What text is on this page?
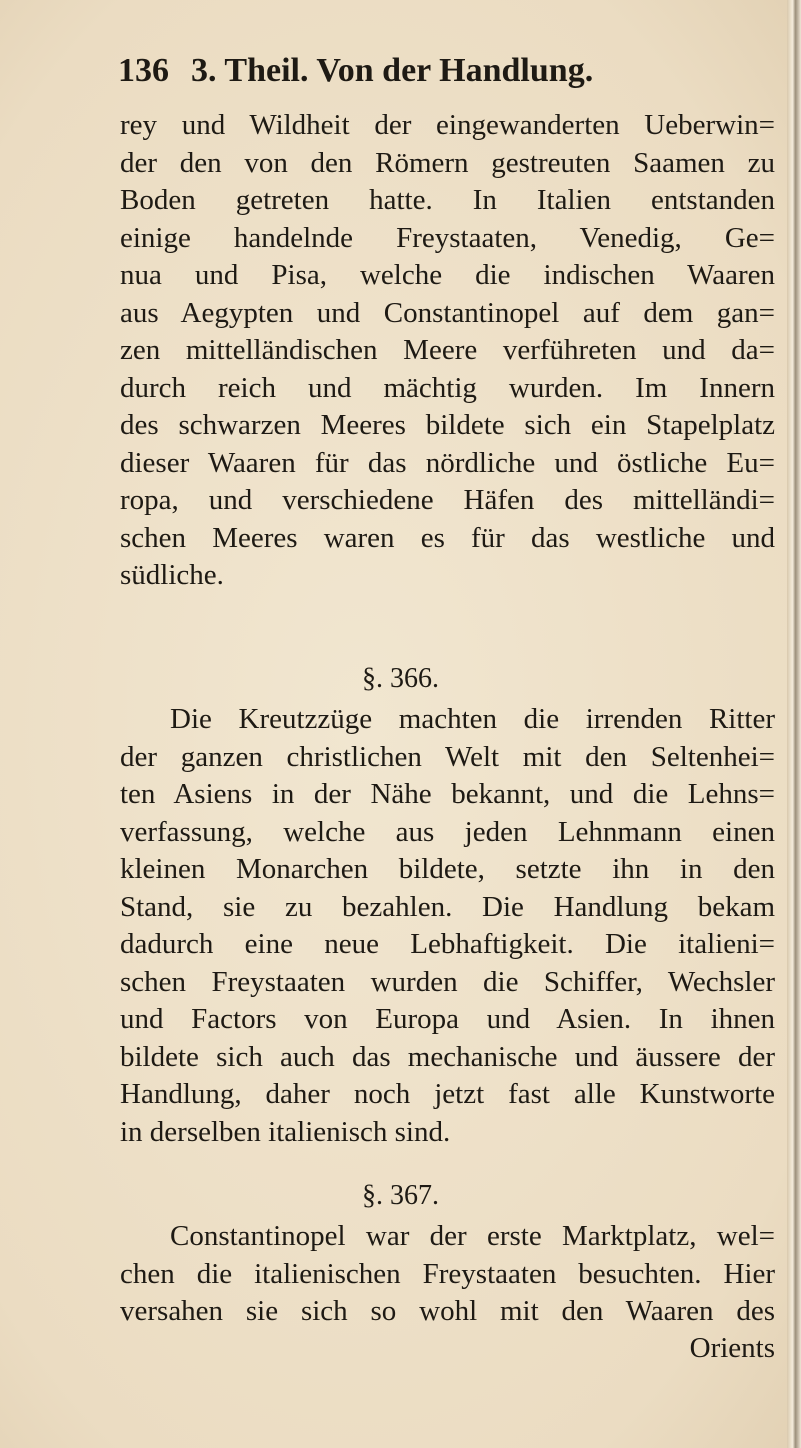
136 3. Theil. Von der Handlung.
rey und Wildheit der eingewanderten Ueberwin=
der den von den Römern gestreuten Saamen zu
Boden getreten hatte. In Italien entstanden
einige handelnde Freystaaten, Venedig, Ge=
nua und Pisa, welche die indischen Waaren
aus Aegypten und Constantinopel auf dem gan=
zen mittelländischen Meere verführeten und da=
durch reich und mächtig wurden. Im Innern
des schwarzen Meeres bildete sich ein Stapelplatz
dieser Waaren für das nördliche und östliche Eu=
ropa, und verschiedene Häfen des mittelländi=
schen Meeres waren es für das westliche und
südliche.
§. 366.
Die Kreutzzüge machten die irrenden Ritter
der ganzen christlichen Welt mit den Seltenhei=
ten Asiens in der Nähe bekannt, und die Lehns=
verfassung, welche aus jeden Lehnmann einen
kleinen Monarchen bildete, setzte ihn in den
Stand, sie zu bezahlen. Die Handlung bekam
dadurch eine neue Lebhaftigkeit. Die italieni=
schen Freystaaten wurden die Schiffer, Wechsler
und Factors von Europa und Asien. In ihnen
bildete sich auch das mechanische und äussere der
Handlung, daher noch jetzt fast alle Kunstworte
in derselben italienisch sind.
§. 367.
Constantinopel war der erste Marktplatz, wel=
chen die italienischen Freystaaten besuchten. Hier
versahen sie sich so wohl mit den Waaren des
Orients
